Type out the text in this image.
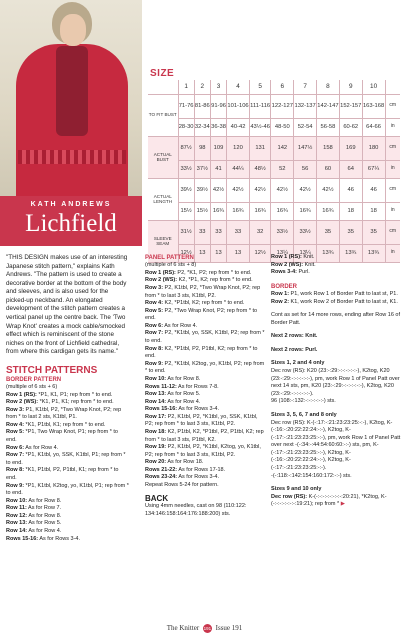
KATH ANDREWS
Lichfield
SIZE
	1	2	3	4	5	6	7	8	9	10	
TO FIT BUST	71-76	81-86	91-96	101-106	111-116	122-127	132-137	142-147	152-157	163-168	cm
	28-30	32-34	36-38	40-42	43½-46	48-50	52-54	56-58	60-62	64-66	in
ACTUAL BUST	87½	98	109	120	131	142	147½	158	169	180	cm
	33½	37½	41	44¼	48½	52	56	60	64	67¼	in
ACTUAL LENGTH	39½	39½	42½	42½	42½	42½	42½	42½	46	46	cm
	15½	15½	16¾	16¾	16¾	16¾	16¾	16¾	18	18	in
SLEEVE SEAM	31½	33	33	33	32	33½	33½	35	35	35	cm
	12½	13	13	13	12½	13¼	13¼	13¾	13¾	13¾	in
"THIS DESIGN makes use of an interesting Japanese stitch pattern," explains Kath Andrews. "The pattern is used to create a decorative border at the bottom of the body and sleeves, and is also used for the picked-up neckband. An elongated development of the stitch pattern creates a vertical panel up the centre back. The 'Two Wrap Knot' creates a mock cable/smocked effect which is reminiscent of the stone niches on the front of Lichfield cathedral, from where this cardigan gets its name."
STITCH PATTERNS
BORDER PATTERN
(multiple of 6 sts + 6)
Row 1 (RS): *P1, K1, P1; rep from * to end.
Row 2 (WS): *K1, P1, K1; rep from * to end.
Row 3: P1, K1tbl, P2, *Two Wrap Knot, P2; rep from * to last 2 sts, K1tbl, P1.
Row 4: *K1, P1tbl, K1; rep from * to end.
Row 5: *P1, Two Wrap Knot, P1; rep from * to end.
Row 6: As for Row 4.
Row 7: *P1, K1tbl, yo, SSK, K1tbl, P1; rep from * to end.
Row 8: *K1, P1tbl, P2, P1tbl, K1; rep from * to end.
Row 9: *P1, K1tbl, K2tog, yo, K1tbl, P1; rep from * to end.
Row 10: As for Row 8.
Row 11: As for Row 7.
Row 12: As for Row 8.
Row 13: As for Row 5.
Row 14: As for Row 4.
Rows 15-16: As for Rows 3-4.
PANEL PATTERN
(multiple of 6 sts + 8)
Row 1 (RS): P2, *K1, P2; rep from * to end.
Row 2 (WS): K2, *P1, K2; rep from * to end.
Row 3: P2, K1tbl, P2, *Two Wrap Knot, P2; rep from * to last 3 sts, K1tbl, P2.
Row 4: K2, *P1tbl, K2; rep from * to end.
Row 5: P2, *Two Wrap Knot, P2; rep from * to end.
Row 6: As for Row 4.
Row 7: P2, *K1tbl, yo, SSK, K1tbl, P2; rep from * to end.
Row 8: K2, *P1tbl, P2, P1tbl, K2; rep from * to end.
Row 9: P2, *K1tbl, K2tog, yo, K1tbl, P2; rep from * to end.
Row 10: As for Row 8.
Rows 11-12: As for Rows 7-8.
Row 13: As for Row 5.
Row 14: As for Row 4.
Rows 15-16: As for Rows 3-4.
Row 17: P2, K1tbl, P2, *K1tbl, yo, SSK, K1tbl, P2; rep from * to last 3 sts, K1tbl, P2.
Row 18: K2, P1tbl, K2, *P1tbl, P2, P1tbl, K2; rep from * to last 3 sts, P1tbl, K2.
Row 19: P2, K1tbl, P2, *K1tbl, K2tog, yo, K1tbl, P2; rep from * to last 3 sts, K1tbl, P2.
Row 20: As for Row 18.
Rows 21-22: As for Rows 17-18.
Rows 23-24: As for Rows 3-4.
Repeat Rows 5-24 for pattern.
BACK
Using 4mm needles, cast on 98 (110:122: 134:146:158:164:176:188:200) sts.
Row 1 (RS): Knit.
Row 2 (WS): Knit.
Rows 3-4: Purl.
BORDER
Row 1: P1, work Row 1 of Border Patt to last st, P1.
Row 2: K1, work Row 2 of Border Patt to last st, K1.
Cont as set for 14 more rows, ending after Row 16 of Border Patt.
Next 2 rows: Knit.
Next 2 rows: Purl.
Sizes 1, 2 and 4 only
Dec row (RS): K20 (23:-:29:-:-:-:-:-:-), K2tog, K20 (23:-:29:-:-:-:-:-:-), pm, work Row 1 of Panel Patt over next 14 sts, pm, K20 (23:-:29:-:-:-:-:-:-), K2tog, K20 (23:-:29:-:-:-:-:-:-).
96 (108:-:132:-:-:-:-:-:-) sts.
Sizes 3, 5, 6, 7 and 8 only
Dec row (RS): K-(-:17:-:21:23:23:25:-:-), K2tog, K-(-:16:-:20:22:22:24:-:-), K2tog, K-(-:17:-:21:23:23:25:-:-), pm, work Row 1 of Panel Patt over next -(-:34:-:44:54:60:60:-:-) sts, pm, K-(-:17:-:21:23:23:25:-:-), K2tog, K-(-:16:-:20:22:22:24:-:-), K2tog, K-(-:17:-:21:23:23:25:-:-).
-(-:118:-:142:154:160:172:-:-) sts.
Sizes 9 and 10 only
Dec row (RS): K-(-:-:-:-:-:-:-:-:20:21), *K2tog, K-(-:-:-:-:-:-:-:19:21); rep from * ▶
The Knitter 191 Issue 191
